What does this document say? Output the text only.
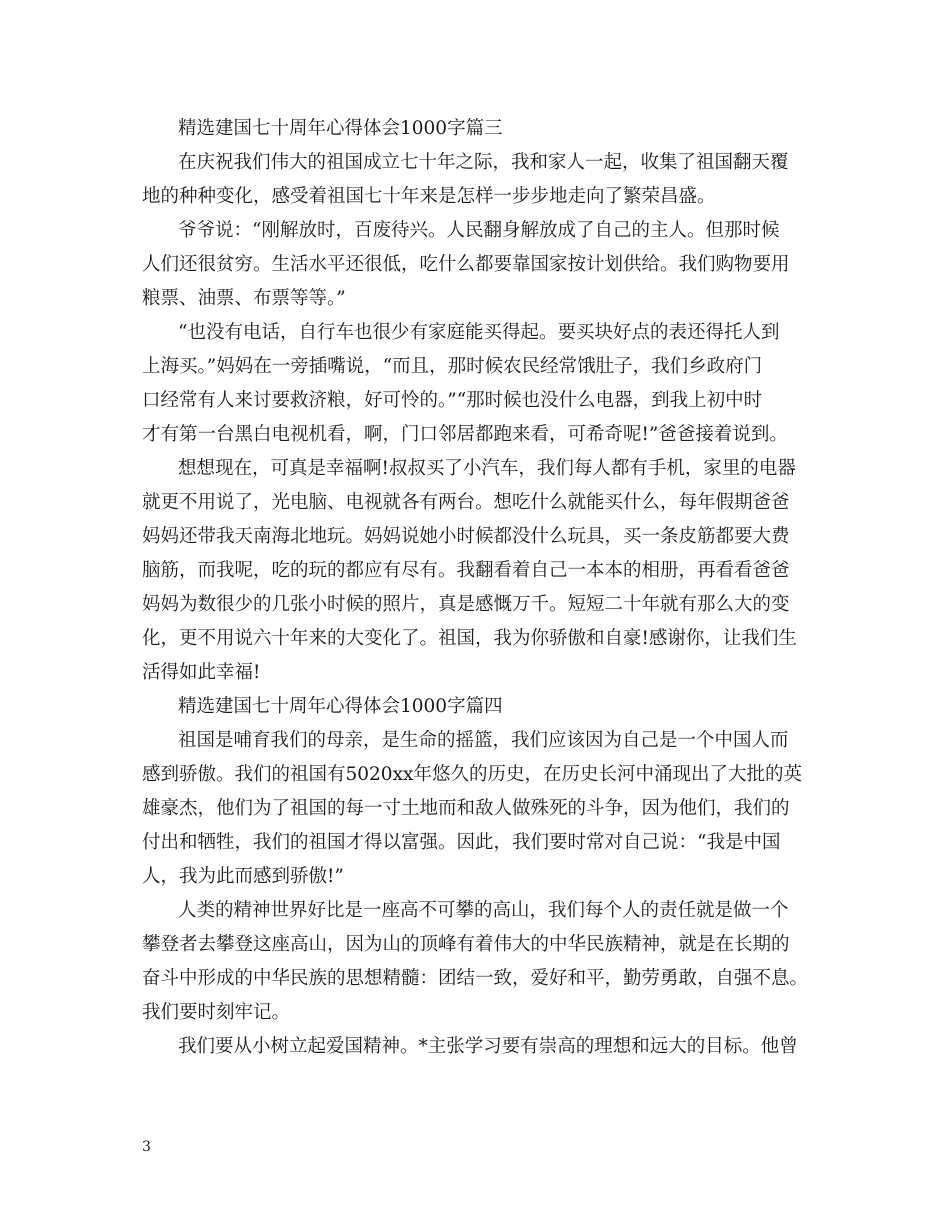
精选建国七十周年心得体会1000字篇三
在庆祝我们伟大的祖国成立七十年之际，我和家人一起，收集了祖国翻天覆
地的种种变化，感受着祖国七十年来是怎样一步步地走向了繁荣昌盛。
爷爷说：“刚解放时，百废待兴。人民翻身解放成了自己的主人。但那时候
人们还很贫穷。生活水平还很低，吃什么都要靠国家按计划供给。我们购物要用
粮票、油票、布票等等。”
“也没有电话，自行车也很少有家庭能买得起。要买块好点的表还得托人到
上海买。”妈妈在一旁插嘴说，“而且，那时候农民经常饿肚子，我们乡政府门
口经常有人来讨要救济粮，好可怜的。”“那时候也没什么电器，到我上初中时
才有第一台黑白电视机看，啊，门口邻居都跑来看，可希奇呢!”爸爸接着说到。
想想现在，可真是幸福啊!叔叔买了小汽车，我们每人都有手机，家里的电器
就更不用说了，光电脑、电视就各有两台。想吃什么就能买什么，每年假期爸爸
妈妈还带我天南海北地玩。妈妈说她小时候都没什么玩具，买一条皮筋都要大费
脑筋，而我呢，吃的玩的都应有尽有。我翻看着自己一本本的相册，再看看爸爸
妈妈为数很少的几张小时候的照片，真是感慨万千。短短二十年就有那么大的变
化，更不用说六十年来的大变化了。祖国，我为你骄傲和自豪!感谢你，让我们生
活得如此幸福!
精选建国七十周年心得体会1000字篇四
祖国是哺育我们的母亲，是生命的摇篮，我们应该因为自己是一个中国人而
感到骄傲。我们的祖国有5020xx年悠久的历史，在历史长河中涌现出了大批的英
雄豪杰，他们为了祖国的每一寸土地而和敌人做殊死的斗争，因为他们，我们的
付出和牺牲，我们的祖国才得以富强。因此，我们要时常对自己说：“我是中国
人，我为此而感到骄傲!”
人类的精神世界好比是一座高不可攀的高山，我们每个人的责任就是做一个
攀登者去攀登这座高山，因为山的顶峰有着伟大的中华民族精神，就是在长期的
奋斗中形成的中华民族的思想精髓：团结一致，爱好和平，勤劳勇敢，自强不息。
我们要时刻牢记。
我们要从小树立起爱国精神。*主张学习要有崇高的理想和远大的目标。他曾
3
